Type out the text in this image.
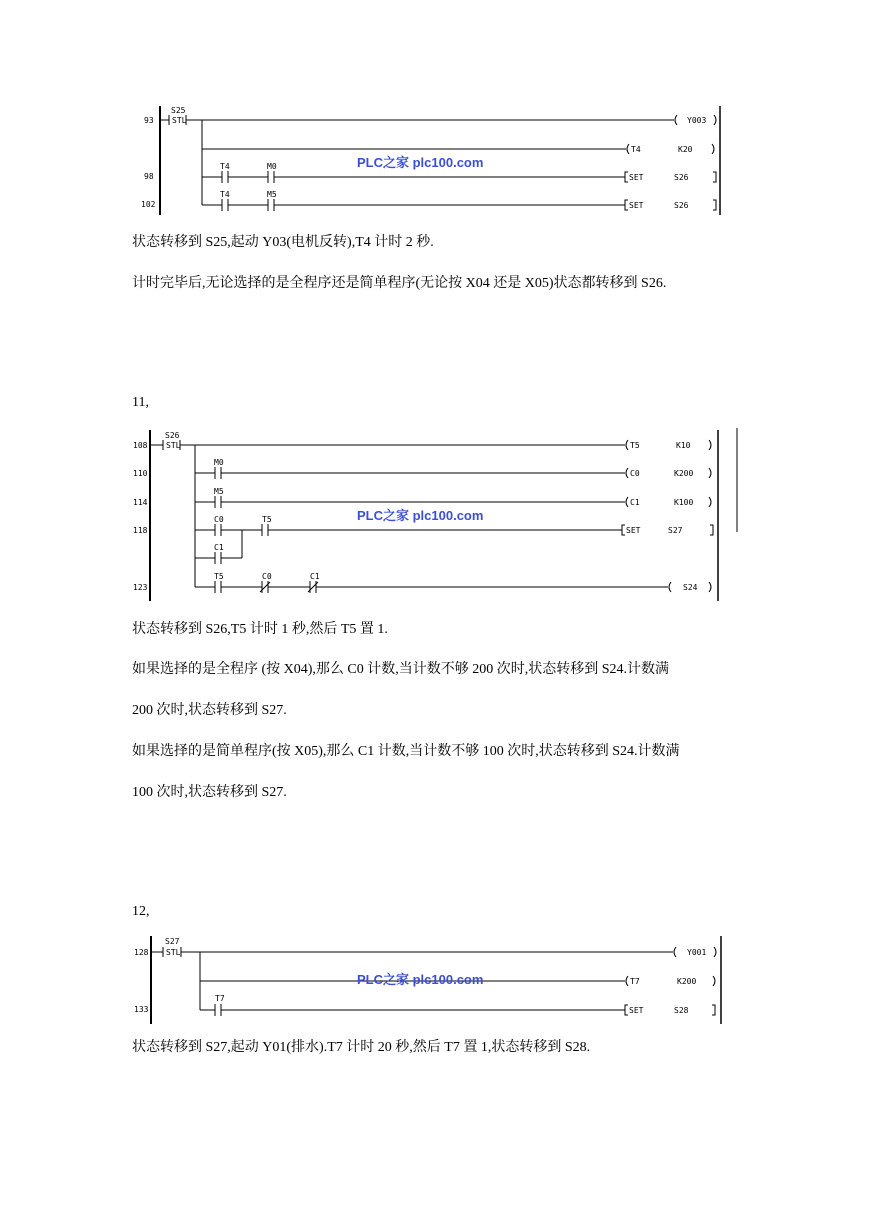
93
98
102
S25
STL	Y003
T4	K20
T4	M0
SET	S26
T4	M5
SET	S26
PLC之家 plc100.com
108
110
114
118
123
S26
STL	T5	K10
M0
C0	K200
M5
C1	K100
C0	T5
SET	S27
C1
T5	C0	C1
S24
PLC之家 plc100.com
128
133
S27
STL	Y001
T7	K200
T7
SET	S28
PLC之家 plc100.com

状态转移到 S25,起动 Y03(电机反转),T4 计时 2 秒.

计时完毕后,无论选择的是全程序还是简单程序(无论按 X04 还是 X05)状态都转移到 S26.

11,

状态转移到 S26,T5 计时 1 秒,然后 T5 置 1.

如果选择的是全程序 (按 X04),那么 C0 计数,当计数不够 200 次时,状态转移到 S24.计数满

200 次时,状态转移到 S27.

如果选择的是简单程序(按 X05),那么 C1 计数,当计数不够 100 次时,状态转移到 S24.计数满

100 次时,状态转移到 S27.

12,

状态转移到 S27,起动 Y01(排水).T7 计时 20 秒,然后 T7 置 1,状态转移到 S28.
